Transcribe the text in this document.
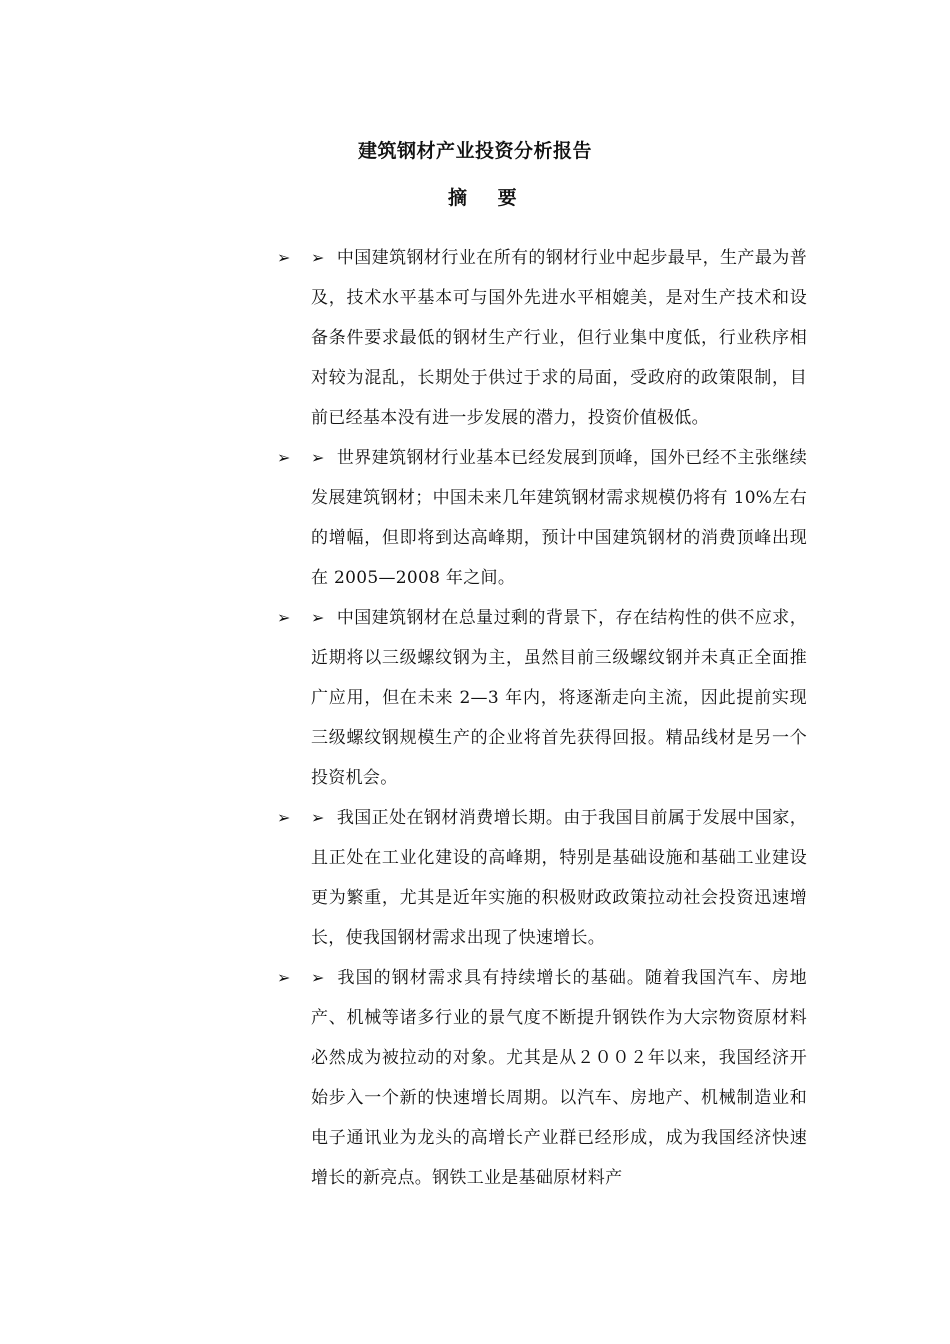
建筑钢材产业投资分析报告
摘 要
➢ ➢ 中国建筑钢材行业在所有的钢材行业中起步最早，生产最为普及，技术水平基本可与国外先进水平相媲美，是对生产技术和设备条件要求最低的钢材生产行业，但行业集中度低，行业秩序相对较为混乱，长期处于供过于求的局面，受政府的政策限制，目前已经基本没有进一步发展的潜力，投资价值极低。
➢ ➢ 世界建筑钢材行业基本已经发展到顶峰，国外已经不主张继续发展建筑钢材；中国未来几年建筑钢材需求规模仍将有 10%左右的增幅，但即将到达高峰期，预计中国建筑钢材的消费顶峰出现在 2005—2008 年之间。
➢ ➢ 中国建筑钢材在总量过剩的背景下，存在结构性的供不应求，近期将以三级螺纹钢为主，虽然目前三级螺纹钢并未真正全面推广应用，但在未来 2—3 年内，将逐渐走向主流，因此提前实现三级螺纹钢规模生产的企业将首先获得回报。精品线材是另一个投资机会。
➢ ➢ 我国正处在钢材消费增长期。由于我国目前属于发展中国家，且正处在工业化建设的高峰期，特别是基础设施和基础工业建设更为繁重，尤其是近年实施的积极财政政策拉动社会投资迅速增长，使我国钢材需求出现了快速增长。
➢ ➢ 我国的钢材需求具有持续增长的基础。随着我国汽车、房地产、机械等诸多行业的景气度不断提升钢铁作为大宗物资原材料必然成为被拉动的对象。尤其是从２００２年以来，我国经济开始步入一个新的快速增长周期。以汽车、房地产、机械制造业和电子通讯业为龙头的高增长产业群已经形成，成为我国经济快速增长的新亮点。钢铁工业是基础原材料产
